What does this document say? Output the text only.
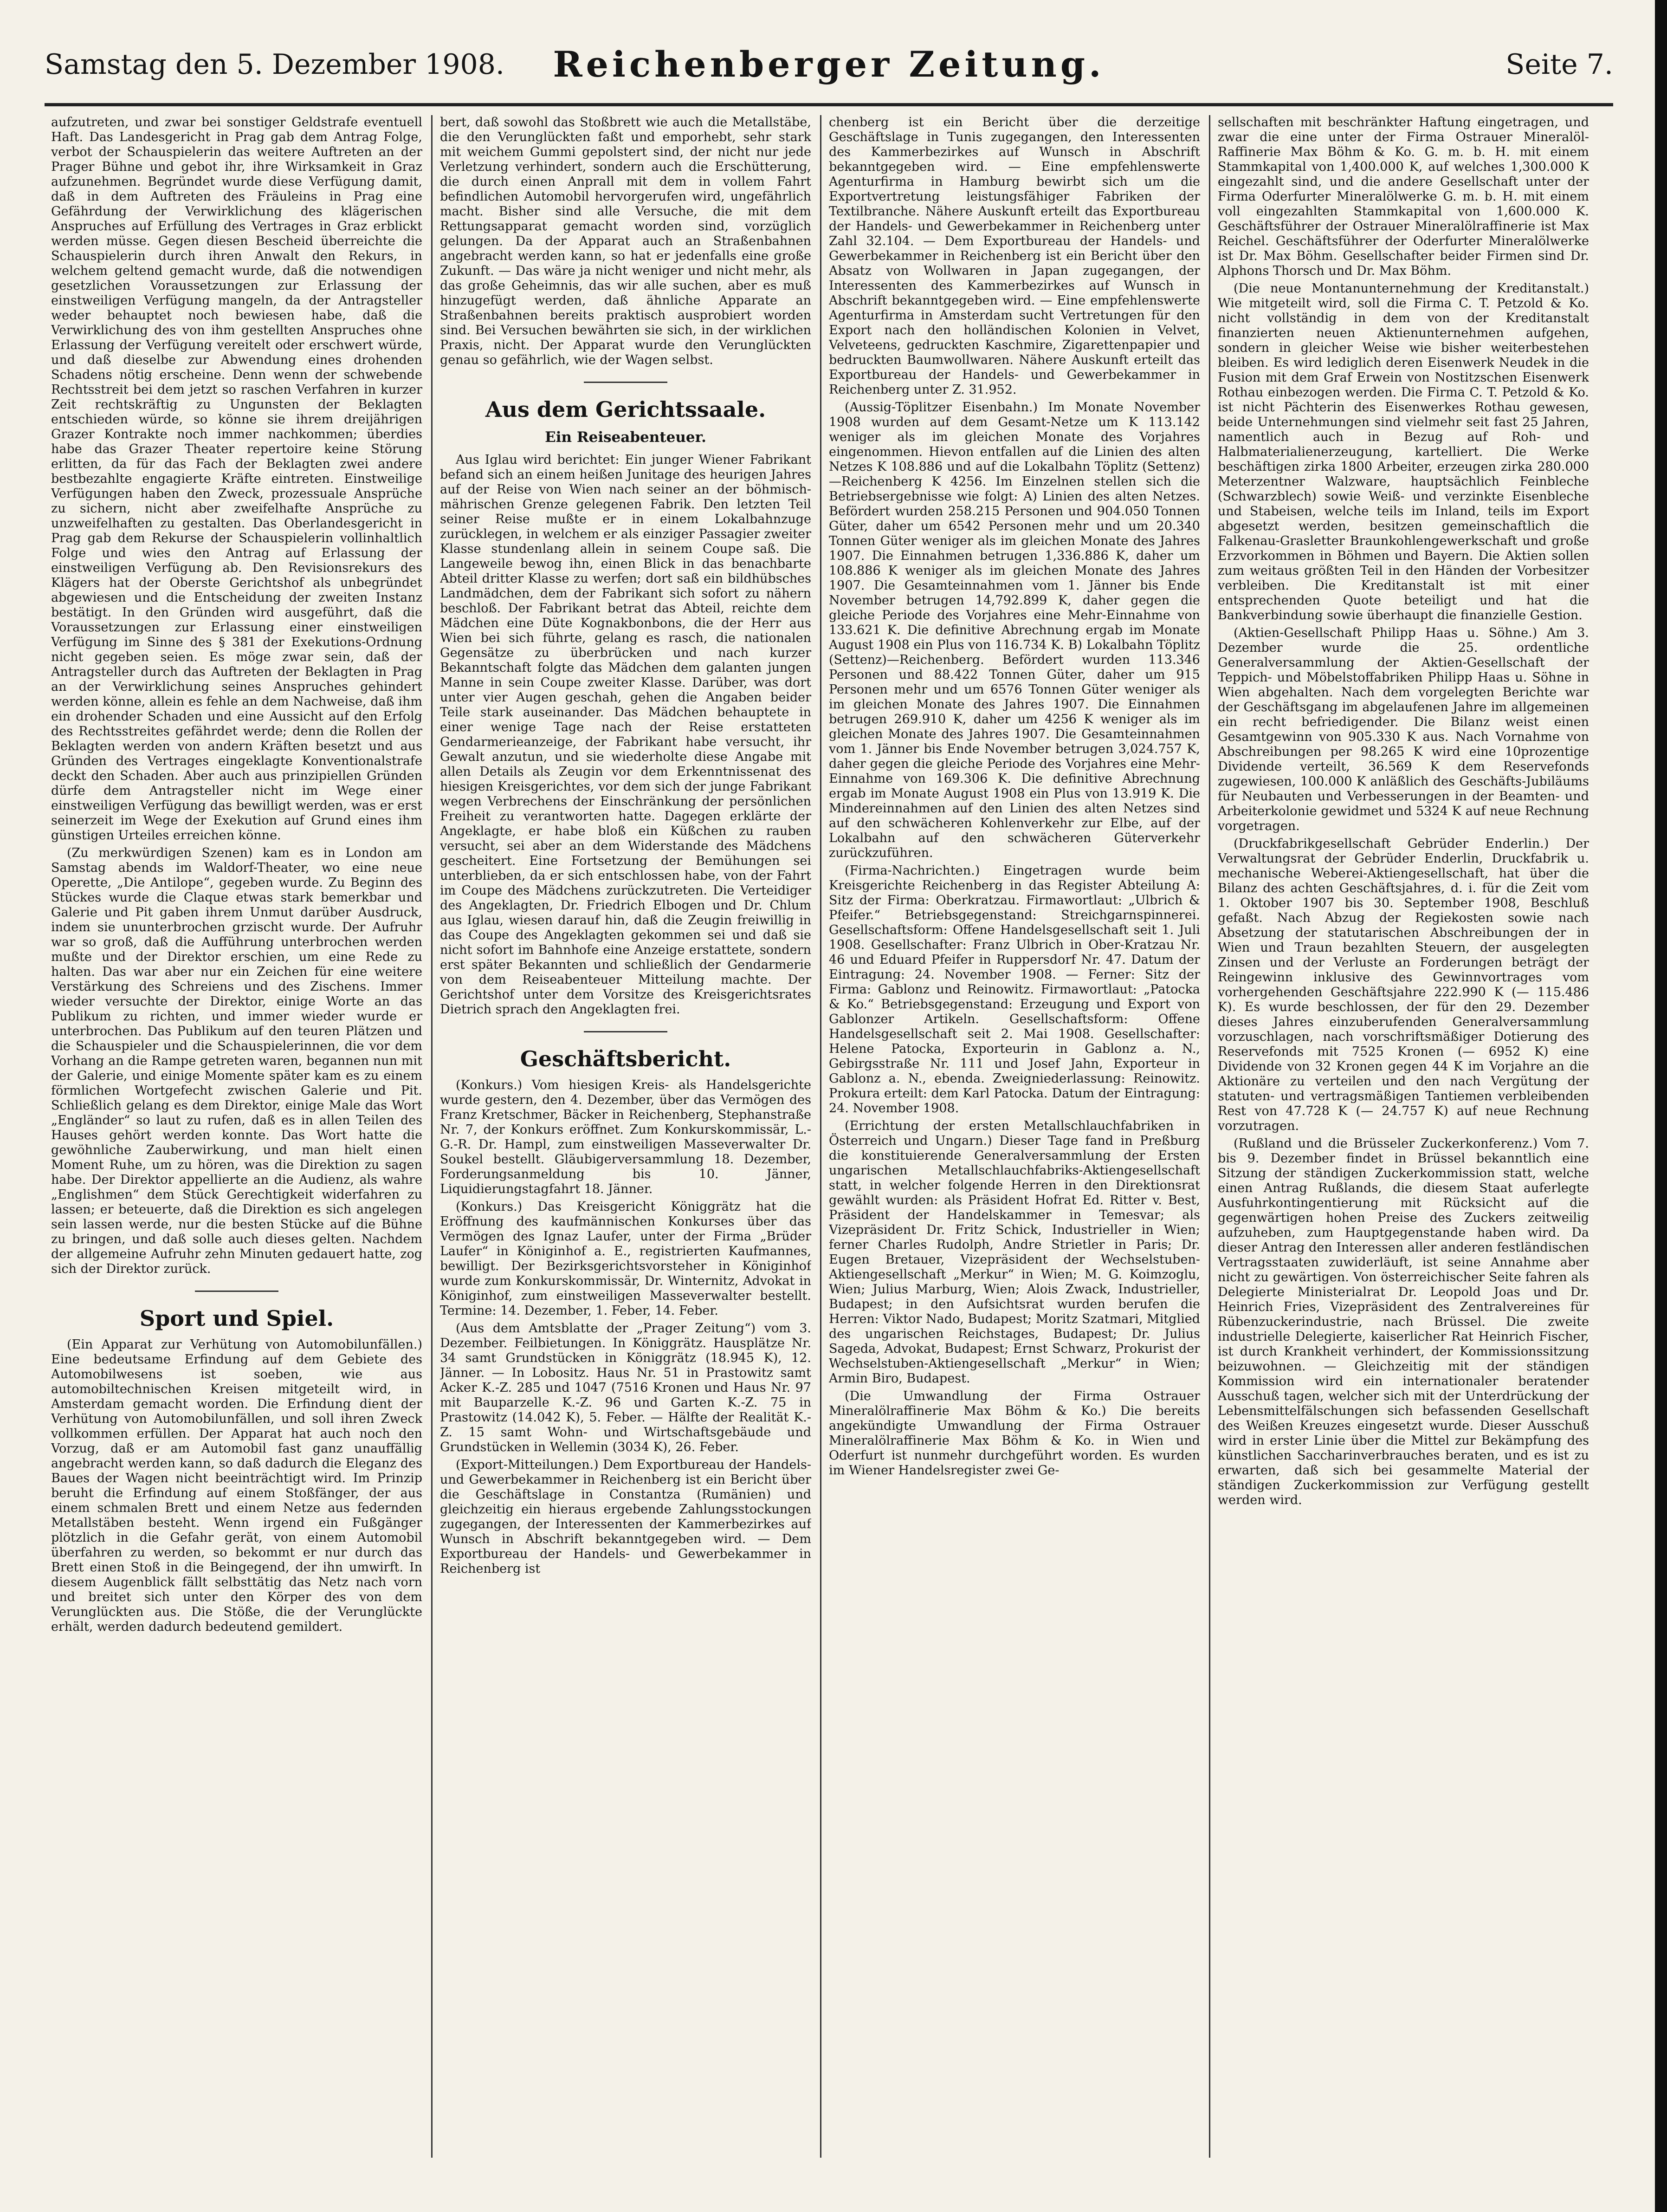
Samstag den 5. Dezember 1908.	Reichenberger Zeitung.	Seite 7.

aufzutreten, und zwar bei sonstiger Geldstrafe eventuell Haft. Das Landesgericht in Prag gab dem Antrag Folge, verbot der Schauspielerin das weitere Auftreten an der Prager Bühne und gebot ihr, ihre Wirksamkeit in Graz aufzunehmen. Begründet wurde diese Verfügung damit, daß in dem Auftreten des Fräuleins in Prag eine Gefährdung der Verwirklichung des klägerischen Anspruches auf Erfüllung des Vertrages in Graz erblickt werden müsse. Gegen diesen Bescheid überreichte die Schauspielerin durch ihren Anwalt den Rekurs, in welchem geltend gemacht wurde, daß die notwendigen gesetzlichen Voraussetzungen zur Erlassung der einstweiligen Verfügung mangeln, da der Antragsteller weder behauptet noch bewiesen habe, daß die Verwirklichung des von ihm gestellten Anspruches ohne Erlassung der Verfügung vereitelt oder erschwert würde, und daß dieselbe zur Abwendung eines drohenden Schadens nötig erscheine. Denn wenn der schwebende Rechtsstreit bei dem jetzt so raschen Verfahren in kurzer Zeit rechtskräftig zu Ungunsten der Beklagten entschieden würde, so könne sie ihrem dreijährigen Grazer Kontrakte noch immer nachkommen; überdies habe das Grazer Theater repertoire keine Störung erlitten, da für das Fach der Beklagten zwei andere bestbezahlte engagierte Kräfte eintreten. Einstweilige Verfügungen haben den Zweck, prozessuale Ansprüche zu sichern, nicht aber zweifelhafte Ansprüche zu unzweifelhaften zu gestalten. Das Oberlandesgericht in Prag gab dem Rekurse der Schauspielerin vollinhaltlich Folge und wies den Antrag auf Erlassung der einstweiligen Verfügung ab. Den Revisionsrekurs des Klägers hat der Oberste Gerichtshof als unbegründet abgewiesen und die Entscheidung der zweiten Instanz bestätigt. In den Gründen wird ausgeführt, daß die Voraussetzungen zur Erlassung einer einstweiligen Verfügung im Sinne des § 381 der Exekutions-Ordnung nicht gegeben seien. Es möge zwar sein, daß der Antragsteller durch das Auftreten der Beklagten in Prag an der Verwirklichung seines Anspruches gehindert werden könne, allein es fehle an dem Nachweise, daß ihm ein drohender Schaden und eine Aussicht auf den Erfolg des Rechtsstreites gefährdet werde; denn die Rollen der Beklagten werden von andern Kräften besetzt und aus Gründen des Vertrages eingeklagte Konventionalstrafe deckt den Schaden. Aber auch aus prinzipiellen Gründen dürfe dem Antragsteller nicht im Wege einer einstweiligen Verfügung das bewilligt werden, was er erst seinerzeit im Wege der Exekution auf Grund eines ihm günstigen Urteiles erreichen könne.

(Zu merkwürdigen Szenen) kam es in London am Samstag abends im Waldorf-Theater, wo eine neue Operette, „Die Antilope“, gegeben wurde. Zu Beginn des Stückes wurde die Claque etwas stark bemerkbar und Galerie und Pit gaben ihrem Unmut darüber Ausdruck, indem sie ununterbrochen grzischt wurde. Der Aufruhr war so groß, daß die Aufführung unterbrochen werden mußte und der Direktor erschien, um eine Rede zu halten. Das war aber nur ein Zeichen für eine weitere Verstärkung des Schreiens und des Zischens. Immer wieder versuchte der Direktor, einige Worte an das Publikum zu richten, und immer wieder wurde er unterbrochen. Das Publikum auf den teuren Plätzen und die Schauspieler und die Schauspielerinnen, die vor dem Vorhang an die Rampe getreten waren, begannen nun mit der Galerie, und einige Momente später kam es zu einem förmlichen Wortgefecht zwischen Galerie und Pit. Schließlich gelang es dem Direktor, einige Male das Wort „Engländer“ so laut zu rufen, daß es in allen Teilen des Hauses gehört werden konnte. Das Wort hatte die gewöhnliche Zauberwirkung, und man hielt einen Moment Ruhe, um zu hören, was die Direktion zu sagen habe. Der Direktor appellierte an die Audienz, als wahre „Englishmen“ dem Stück Gerechtigkeit widerfahren zu lassen; er beteuerte, daß die Direktion es sich angelegen sein lassen werde, nur die besten Stücke auf die Bühne zu bringen, und daß solle auch dieses gelten. Nachdem der allgemeine Aufruhr zehn Minuten gedauert hatte, zog sich der Direktor zurück.

Sport und Spiel.

(Ein Apparat zur Verhütung von Automobilunfällen.) Eine bedeutsame Erfindung auf dem Gebiete des Automobilwesens ist soeben, wie aus automobiltechnischen Kreisen mitgeteilt wird, in Amsterdam gemacht worden. Die Erfindung dient der Verhütung von Automobilunfällen, und soll ihren Zweck vollkommen erfüllen. Der Apparat hat auch noch den Vorzug, daß er am Automobil fast ganz unauffällig angebracht werden kann, so daß dadurch die Eleganz des Baues der Wagen nicht beeinträchtigt wird. Im Prinzip beruht die Erfindung auf einem Stoßfänger, der aus einem schmalen Brett und einem Netze aus federnden Metallstäben besteht. Wenn irgend ein Fußgänger plötzlich in die Gefahr gerät, von einem Automobil überfahren zu werden, so bekommt er nur durch das Brett einen Stoß in die Beingegend, der ihn umwirft. In diesem Augenblick fällt selbsttätig das Netz nach vorn und breitet sich unter den Körper des von dem Verunglückten aus. Die Stöße, die der Verunglückte erhält, werden dadurch bedeutend gemildert.

bert, daß sowohl das Stoßbrett wie auch die Metallstäbe, die den Verunglückten faßt und emporhebt, sehr stark mit weichem Gummi gepolstert sind, der nicht nur jede Verletzung verhindert, sondern auch die Erschütterung, die durch einen Anprall mit dem in vollem Fahrt befindlichen Automobil hervorgerufen wird, ungefährlich macht. Bisher sind alle Versuche, die mit dem Rettungsapparat gemacht worden sind, vorzüglich gelungen. Da der Apparat auch an Straßenbahnen angebracht werden kann, so hat er jedenfalls eine große Zukunft. — Das wäre ja nicht weniger und nicht mehr, als das große Geheimnis, das wir alle suchen, aber es muß hinzugefügt werden, daß ähnliche Apparate an Straßenbahnen bereits praktisch ausprobiert worden sind. Bei Versuchen bewährten sie sich, in der wirklichen Praxis, nicht. Der Apparat wurde den Verunglückten genau so gefährlich, wie der Wagen selbst.

Aus dem Gerichtssaale.
Ein Reiseabenteuer.

Aus Iglau wird berichtet: Ein junger Wiener Fabrikant befand sich an einem heißen Junitage des heurigen Jahres auf der Reise von Wien nach seiner an der böhmisch-mährischen Grenze gelegenen Fabrik. Den letzten Teil seiner Reise mußte er in einem Lokalbahnzuge zurücklegen, in welchem er als einziger Passagier zweiter Klasse stundenlang allein in seinem Coupe saß. Die Langeweile bewog ihn, einen Blick in das benachbarte Abteil dritter Klasse zu werfen; dort saß ein bildhübsches Landmädchen, dem der Fabrikant sich sofort zu nähern beschloß. Der Fabrikant betrat das Abteil, reichte dem Mädchen eine Düte Kognakbonbons, die der Herr aus Wien bei sich führte, gelang es rasch, die nationalen Gegensätze zu überbrücken und nach kurzer Bekanntschaft folgte das Mädchen dem galanten jungen Manne in sein Coupe zweiter Klasse. Darüber, was dort unter vier Augen geschah, gehen die Angaben beider Teile stark auseinander. Das Mädchen behauptete in einer wenige Tage nach der Reise erstatteten Gendarmerieanzeige, der Fabrikant habe versucht, ihr Gewalt anzutun, und sie wiederholte diese Angabe mit allen Details als Zeugin vor dem Erkenntnissenat des hiesigen Kreisgerichtes, vor dem sich der junge Fabrikant wegen Verbrechens der Einschränkung der persönlichen Freiheit zu verantworten hatte. Dagegen erklärte der Angeklagte, er habe bloß ein Küßchen zu rauben versucht, sei aber an dem Widerstande des Mädchens gescheitert. Eine Fortsetzung der Bemühungen sei unterblieben, da er sich entschlossen habe, von der Fahrt im Coupe des Mädchens zurückzutreten. Die Verteidiger des Angeklagten, Dr. Friedrich Elbogen und Dr. Chlum aus Iglau, wiesen darauf hin, daß die Zeugin freiwillig in das Coupe des Angeklagten gekommen sei und daß sie nicht sofort im Bahnhofe eine Anzeige erstattete, sondern erst später Bekannten und schließlich der Gendarmerie von dem Reiseabenteuer Mitteilung machte. Der Gerichtshof unter dem Vorsitze des Kreisgerichtsrates Dietrich sprach den Angeklagten frei.

Geschäftsbericht.

(Konkurs.) Vom hiesigen Kreis- als Handelsgerichte wurde gestern, den 4. Dezember, über das Vermögen des Franz Kretschmer, Bäcker in Reichenberg, Stephanstraße Nr. 7, der Konkurs eröffnet. Zum Konkurskommissär, L.-G.-R. Dr. Hampl, zum einstweiligen Masseverwalter Dr. Soukel bestellt. Gläubigerversammlung 18. Dezember, Forderungsanmeldung bis 10. Jänner, Liquidierungstagfahrt 18. Jänner.

(Konkurs.) Das Kreisgericht Königgrätz hat die Eröffnung des kaufmännischen Konkurses über das Vermögen des Ignaz Laufer, unter der Firma „Brüder Laufer“ in Königinhof a. E., registrierten Kaufmannes, bewilligt. Der Bezirksgerichtsvorsteher in Königinhof wurde zum Konkurskommissär, Dr. Winternitz, Advokat in Königinhof, zum einstweiligen Masseverwalter bestellt. Termine: 14. Dezember, 1. Feber, 14. Feber.

(Aus dem Amtsblatte der „Prager Zeitung“) vom 3. Dezember. Feilbietungen. In Königgrätz. Hausplätze Nr. 34 samt Grundstücken in Königgrätz (18.945 K), 12. Jänner. — In Lobositz. Haus Nr. 51 in Prastowitz samt Acker K.-Z. 285 und 1047 (7516 Kronen und Haus Nr. 97 mit Bauparzelle K.-Z. 96 und Garten K.-Z. 75 in Prastowitz (14.042 K), 5. Feber. — Hälfte der Realität K.-Z. 15 samt Wohn- und Wirtschaftsgebäude und Grundstücken in Wellemin (3034 K), 26. Feber.

(Export-Mitteilungen.) Dem Exportbureau der Handels- und Gewerbekammer in Reichenberg ist ein Bericht über die Geschäftslage in Constantza (Rumänien) und gleichzeitig ein hieraus ergebende Zahlungsstockungen zugegangen, der Interessenten der Kammerbezirkes auf Wunsch in Abschrift bekanntgegeben wird. — Dem Exportbureau der Handels- und Gewerbekammer in Reichenberg ist

chenberg ist ein Bericht über die derzeitige Geschäftslage in Tunis zugegangen, den Interessenten des Kammerbezirkes auf Wunsch in Abschrift bekanntgegeben wird. — Eine empfehlenswerte Agenturfirma in Hamburg bewirbt sich um die Exportvertretung leistungsfähiger Fabriken der Textilbranche. Nähere Auskunft erteilt das Exportbureau der Handels- und Gewerbekammer in Reichenberg unter Zahl 32.104. — Dem Exportbureau der Handels- und Gewerbekammer in Reichenberg ist ein Bericht über den Absatz von Wollwaren in Japan zugegangen, der Interessenten des Kammerbezirkes auf Wunsch in Abschrift bekanntgegeben wird. — Eine empfehlenswerte Agenturfirma in Amsterdam sucht Vertretungen für den Export nach den holländischen Kolonien in Velvet, Velveteens, gedruckten Kaschmire, Zigarettenpapier und bedruckten Baumwollwaren. Nähere Auskunft erteilt das Exportbureau der Handels- und Gewerbekammer in Reichenberg unter Z. 31.952.

(Aussig-Töplitzer Eisenbahn.) Im Monate November 1908 wurden auf dem Gesamt-Netze um K 113.142 weniger als im gleichen Monate des Vorjahres eingenommen. Hievon entfallen auf die Linien des alten Netzes K 108.886 und auf die Lokalbahn Töplitz (Settenz)—Reichenberg K 4256. Im Einzelnen stellen sich die Betriebsergebnisse wie folgt: A) Linien des alten Netzes. Befördert wurden 258.215 Personen und 904.050 Tonnen Güter, daher um 6542 Personen mehr und um 20.340 Tonnen Güter weniger als im gleichen Monate des Jahres 1907. Die Einnahmen betrugen 1,336.886 K, daher um 108.886 K weniger als im gleichen Monate des Jahres 1907. Die Gesamteinnahmen vom 1. Jänner bis Ende November betrugen 14,792.899 K, daher gegen die gleiche Periode des Vorjahres eine Mehr-Einnahme von 133.621 K. Die definitive Abrechnung ergab im Monate August 1908 ein Plus von 116.734 K. B) Lokalbahn Töplitz (Settenz)—Reichenberg. Befördert wurden 113.346 Personen und 88.422 Tonnen Güter, daher um 915 Personen mehr und um 6576 Tonnen Güter weniger als im gleichen Monate des Jahres 1907. Die Einnahmen betrugen 269.910 K, daher um 4256 K weniger als im gleichen Monate des Jahres 1907. Die Gesamteinnahmen vom 1. Jänner bis Ende November betrugen 3,024.757 K, daher gegen die gleiche Periode des Vorjahres eine Mehr-Einnahme von 169.306 K. Die definitive Abrechnung ergab im Monate August 1908 ein Plus von 13.919 K. Die Mindereinnahmen auf den Linien des alten Netzes sind auf den schwächeren Kohlenverkehr zur Elbe, auf der Lokalbahn auf den schwächeren Güterverkehr zurückzuführen.

(Firma-Nachrichten.) Eingetragen wurde beim Kreisgerichte Reichenberg in das Register Abteilung A: Sitz der Firma: Oberkratzau. Firmawortlaut: „Ulbrich & Pfeifer.“ Betriebsgegenstand: Streichgarnspinnerei. Gesellschaftsform: Offene Handelsgesellschaft seit 1. Juli 1908. Gesellschafter: Franz Ulbrich in Ober-Kratzau Nr. 46 und Eduard Pfeifer in Ruppersdorf Nr. 47. Datum der Eintragung: 24. November 1908. — Ferner: Sitz der Firma: Gablonz und Reinowitz. Firmawortlaut: „Patocka & Ko.“ Betriebsgegenstand: Erzeugung und Export von Gablonzer Artikeln. Gesellschaftsform: Offene Handelsgesellschaft seit 2. Mai 1908. Gesellschafter: Helene Patocka, Exporteurin in Gablonz a. N., Gebirgsstraße Nr. 111 und Josef Jahn, Exporteur in Gablonz a. N., ebenda. Zweigniederlassung: Reinowitz. Prokura erteilt: dem Karl Patocka. Datum der Eintragung: 24. November 1908.

(Errichtung der ersten Metallschlauchfabriken in Österreich und Ungarn.) Dieser Tage fand in Preßburg die konstituierende Generalversammlung der Ersten ungarischen Metallschlauchfabriks-Aktiengesellschaft statt, in welcher folgende Herren in den Direktionsrat gewählt wurden: als Präsident Hofrat Ed. Ritter v. Best, Präsident der Handelskammer in Temesvar; als Vizepräsident Dr. Fritz Schick, Industrieller in Wien; ferner Charles Rudolph, Andre Strietler in Paris; Dr. Eugen Bretauer, Vizepräsident der Wechselstuben-Aktiengesellschaft „Merkur“ in Wien; M. G. Koimzoglu, Wien; Julius Marburg, Wien; Alois Zwack, Industrieller, Budapest; in den Aufsichtsrat wurden berufen die Herren: Viktor Nado, Budapest; Moritz Szatmari, Mitglied des ungarischen Reichstages, Budapest; Dr. Julius Sageda, Advokat, Budapest; Ernst Schwarz, Prokurist der Wechselstuben-Aktiengesellschaft „Merkur“ in Wien; Armin Biro, Budapest.

(Die Umwandlung der Firma Ostrauer Mineralölraffinerie Max Böhm & Ko.) Die bereits angekündigte Umwandlung der Firma Ostrauer Mineralölraffinerie Max Böhm & Ko. in Wien und Oderfurt ist nunmehr durchgeführt worden. Es wurden im Wiener Handelsregister zwei Ge-

sellschaften mit beschränkter Haftung eingetragen, und zwar die eine unter der Firma Ostrauer Mineralöl-Raffinerie Max Böhm & Ko. G. m. b. H. mit einem Stammkapital von 1,400.000 K, auf welches 1,300.000 K eingezahlt sind, und die andere Gesellschaft unter der Firma Oderfurter Mineralölwerke G. m. b. H. mit einem voll eingezahlten Stammkapital von 1,600.000 K. Geschäftsführer der Ostrauer Mineralölraffinerie ist Max Reichel. Geschäftsführer der Oderfurter Mineralölwerke ist Dr. Max Böhm. Gesellschafter beider Firmen sind Dr. Alphons Thorsch und Dr. Max Böhm.

(Die neue Montanunternehmung der Kreditanstalt.) Wie mitgeteilt wird, soll die Firma C. T. Petzold & Ko. nicht vollständig in dem von der Kreditanstalt finanzierten neuen Aktienunternehmen aufgehen, sondern in gleicher Weise wie bisher weiterbestehen bleiben. Es wird lediglich deren Eisenwerk Neudek in die Fusion mit dem Graf Erwein von Nostitzschen Eisenwerk Rothau einbezogen werden. Die Firma C. T. Petzold & Ko. ist nicht Pächterin des Eisenwerkes Rothau gewesen, beide Unternehmungen sind vielmehr seit fast 25 Jahren, namentlich auch in Bezug auf Roh- und Halbmaterialienerzeugung, kartelliert. Die Werke beschäftigen zirka 1800 Arbeiter, erzeugen zirka 280.000 Meterzentner Walzware, hauptsächlich Feinbleche (Schwarzblech) sowie Weiß- und verzinkte Eisenbleche und Stabeisen, welche teils im Inland, teils im Export abgesetzt werden, besitzen gemeinschaftlich die Falkenau-Grasletter Braunkohlengewerkschaft und große Erzvorkommen in Böhmen und Bayern. Die Aktien sollen zum weitaus größten Teil in den Händen der Vorbesitzer verbleiben. Die Kreditanstalt ist mit einer entsprechenden Quote beteiligt und hat die Bankverbindung sowie überhaupt die finanzielle Gestion.

(Aktien-Gesellschaft Philipp Haas u. Söhne.) Am 3. Dezember wurde die 25. ordentliche Generalversammlung der Aktien-Gesellschaft der Teppich- und Möbelstoffabriken Philipp Haas u. Söhne in Wien abgehalten. Nach dem vorgelegten Berichte war der Geschäftsgang im abgelaufenen Jahre im allgemeinen ein recht befriedigender. Die Bilanz weist einen Gesamtgewinn von 905.330 K aus. Nach Vornahme von Abschreibungen per 98.265 K wird eine 10prozentige Dividende verteilt, 36.569 K dem Reservefonds zugewiesen, 100.000 K anläßlich des Geschäfts-Jubiläums für Neubauten und Verbesserungen in der Beamten- und Arbeiterkolonie gewidmet und 5324 K auf neue Rechnung vorgetragen.

(Druckfabrikgesellschaft Gebrüder Enderlin.) Der Verwaltungsrat der Gebrüder Enderlin, Druckfabrik u. mechanische Weberei-Aktiengesellschaft, hat über die Bilanz des achten Geschäftsjahres, d. i. für die Zeit vom 1. Oktober 1907 bis 30. September 1908, Beschluß gefaßt. Nach Abzug der Regiekosten sowie nach Absetzung der statutarischen Abschreibungen der in Wien und Traun bezahlten Steuern, der ausgelegten Zinsen und der Verluste an Forderungen beträgt der Reingewinn inklusive des Gewinnvortrages vom vorhergehenden Geschäftsjahre 222.990 K (— 115.486 K). Es wurde beschlossen, der für den 29. Dezember dieses Jahres einzuberufenden Generalversammlung vorzuschlagen, nach vorschriftsmäßiger Dotierung des Reservefonds mit 7525 Kronen (— 6952 K) eine Dividende von 32 Kronen gegen 44 K im Vorjahre an die Aktionäre zu verteilen und den nach Vergütung der statuten- und vertragsmäßigen Tantiemen verbleibenden Rest von 47.728 K (— 24.757 K) auf neue Rechnung vorzutragen.

(Rußland und die Brüsseler Zuckerkonferenz.) Vom 7. bis 9. Dezember findet in Brüssel bekanntlich eine Sitzung der ständigen Zuckerkommission statt, welche einen Antrag Rußlands, die diesem Staat auferlegte Ausfuhrkontingentierung mit Rücksicht auf die gegenwärtigen hohen Preise des Zuckers zeitweilig aufzuheben, zum Hauptgegenstande haben wird. Da dieser Antrag den Interessen aller anderen festländischen Vertragsstaaten zuwiderläuft, ist seine Annahme aber nicht zu gewärtigen. Von österreichischer Seite fahren als Delegierte Ministerialrat Dr. Leopold Joas und Dr. Heinrich Fries, Vizepräsident des Zentralvereines für Rübenzuckerindustrie, nach Brüssel. Die zweite industrielle Delegierte, kaiserlicher Rat Heinrich Fischer, ist durch Krankheit verhindert, der Kommissionssitzung beizuwohnen. — Gleichzeitig mit der ständigen Kommission wird ein internationaler beratender Ausschuß tagen, welcher sich mit der Unterdrückung der Lebensmittelfälschungen sich befassenden Gesellschaft des Weißen Kreuzes eingesetzt wurde. Dieser Ausschuß wird in erster Linie über die Mittel zur Bekämpfung des künstlichen Saccharinverbrauches beraten, und es ist zu erwarten, daß sich bei gesammelte Material der ständigen Zuckerkommission zur Verfügung gestellt werden wird.
